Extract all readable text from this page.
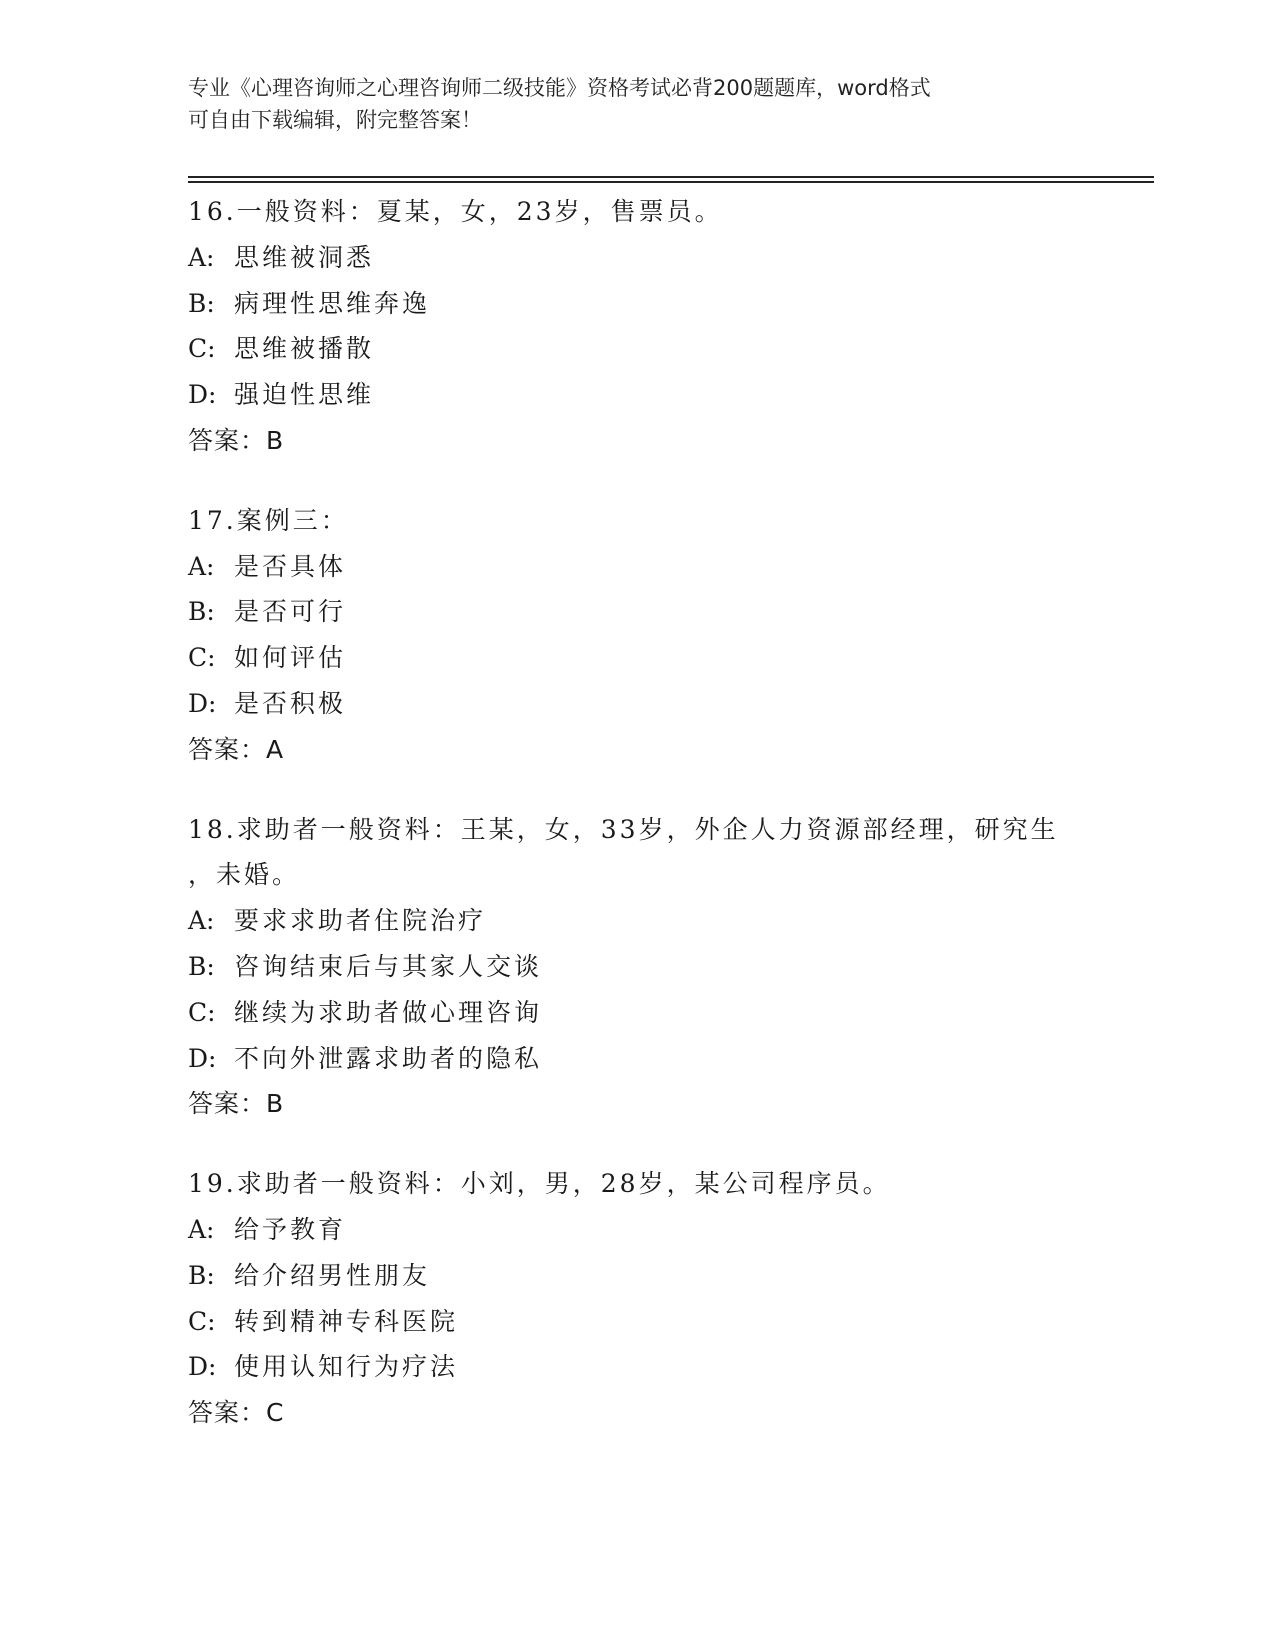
专业《心理咨询师之心理咨询师二级技能》资格考试必背200题题库，word格式
可自由下载编辑，附完整答案！
16.一般资料：夏某，女，23岁，售票员。
A: 思维被洞悉
B: 病理性思维奔逸
C: 思维被播散
D: 强迫性思维
答案：B
17.案例三：
A: 是否具体
B: 是否可行
C: 如何评估
D: 是否积极
答案：A
18.求助者一般资料：王某，女，33岁，外企人力资源部经理，研究生
，未婚。
A: 要求求助者住院治疗
B: 咨询结束后与其家人交谈
C: 继续为求助者做心理咨询
D: 不向外泄露求助者的隐私
答案：B
19.求助者一般资料：小刘，男，28岁，某公司程序员。
A: 给予教育
B: 给介绍男性朋友
C: 转到精神专科医院
D: 使用认知行为疗法
答案：C
